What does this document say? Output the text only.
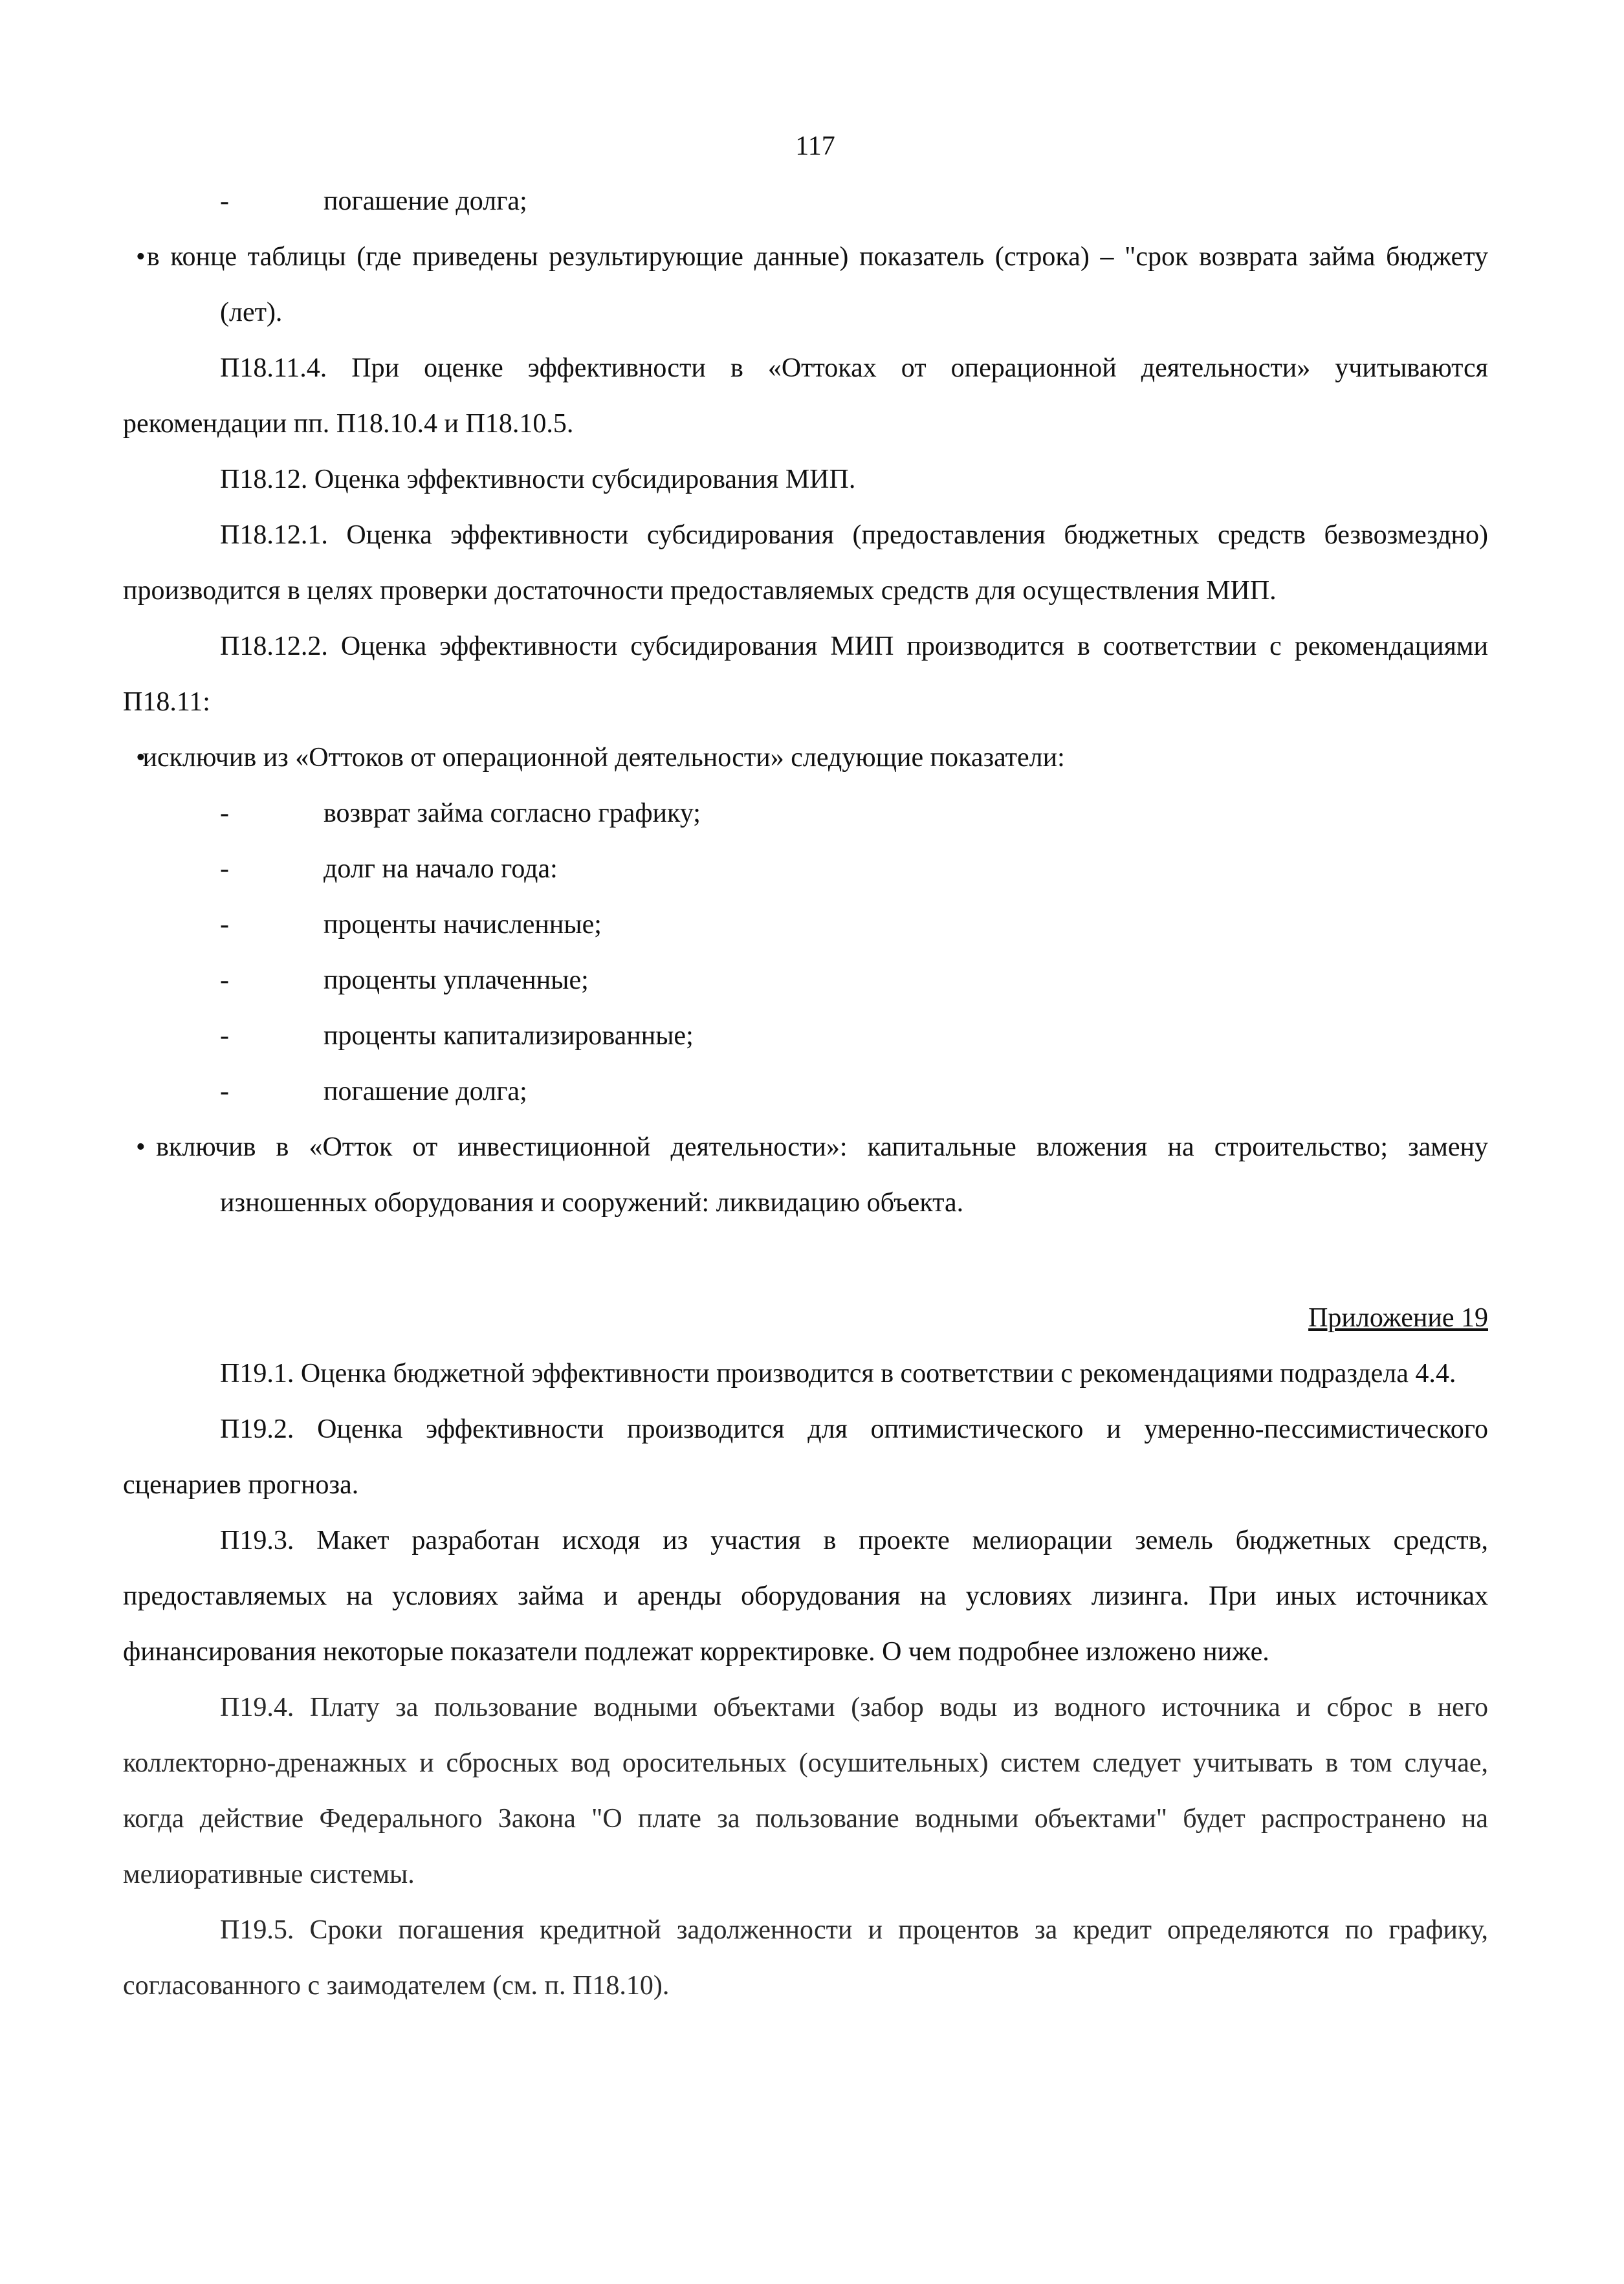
117

-	погашение долга;

• в конце таблицы (где приведены результирующие данные) показатель (строка) – "срок возврата займа бюджету (лет).

П18.11.4. При оценке эффективности в «Оттоках от операционной деятельности» учитываются рекомендации пп. П18.10.4 и П18.10.5.

П18.12. Оценка эффективности субсидирования МИП.

П18.12.1. Оценка эффективности субсидирования (предоставления бюджетных средств безвозмездно) производится в целях проверки достаточности предоставляемых средств для осуществления МИП.

П18.12.2. Оценка эффективности субсидирования МИП производится в соответствии с рекомендациями П18.11:

• исключив из «Оттоков от операционной деятельности» следующие показатели:

-	возврат займа согласно графику;

-	долг на начало года:

-	проценты начисленные;

-	проценты уплаченные;

-	проценты капитализированные;

-	погашение долга;

• включив в «Отток от инвестиционной деятельности»: капитальные вложения на строительство; замену изношенных оборудования и сооружений: ликвидацию объекта.

Приложение 19

П19.1. Оценка бюджетной эффективности производится в соответствии с рекомендациями подраздела 4.4.

П19.2. Оценка эффективности производится для оптимистического и умеренно-пессимистического сценариев прогноза.

П19.3. Макет разработан исходя из участия в проекте мелиорации земель бюджетных средств, предоставляемых на условиях займа и аренды оборудования на условиях лизинга. При иных источниках финансирования некоторые показатели подлежат корректировке. О чем подробнее изложено ниже.

П19.4. Плату за пользование водными объектами (забор воды из водного источника и сброс в него коллекторно-дренажных и сбросных вод оросительных (осушительных) систем следует учитывать в том случае, когда действие Федерального Закона "О плате за пользование водными объектами" будет распространено на мелиоративные системы.

П19.5. Сроки погашения кредитной задолженности и процентов за кредит определяются по графику, согласованного с заимодателем (см. п. П18.10).
